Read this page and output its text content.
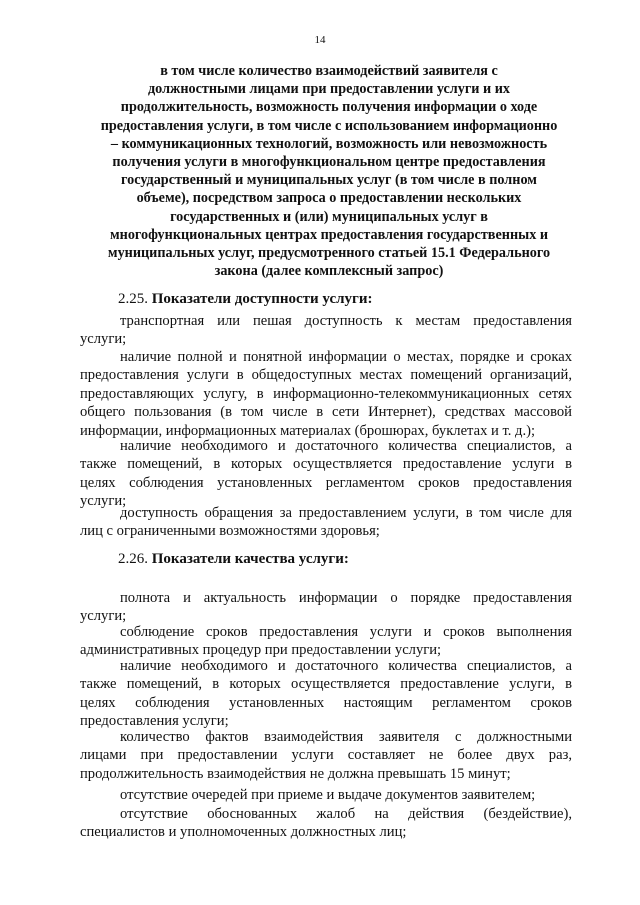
14
в том числе количество взаимодействий заявителя с
должностными лицами при предоставлении услуги и их
продолжительность, возможность получения информации о ходе
предоставления услуги, в том числе с использованием информационно
– коммуникационных технологий, возможность или невозможность
получения услуги в многофункциональном центре предоставления
государственный и муниципальных услуг (в том числе в полном
объеме), посредством запроса о предоставлении нескольких
государственных и (или) муниципальных услуг в
многофункциональных центрах предоставления государственных и
муниципальных услуг, предусмотренного статьей 15.1 Федерального
закона (далее комплексный запрос)
2.25. Показатели доступности услуги:
транспортная или пешая доступность к местам предоставления
услуги;
наличие полной и понятной информации о местах, порядке и сроках
предоставления услуги в общедоступных местах помещений организаций,
предоставляющих услугу, в информационно-телекоммуникационных сетях
общего пользования (в том числе в сети Интернет), средствах массовой
информации, информационных материалах (брошюрах, буклетах и т. д.);
наличие необходимого и достаточного количества специалистов, а
также помещений, в которых осуществляется предоставление услуги в
целях соблюдения установленных регламентом сроков предоставления
услуги;
доступность обращения за предоставлением услуги, в том числе для
лиц с ограниченными возможностями здоровья;
2.26. Показатели качества услуги:
полнота и актуальность информации о порядке предоставления
услуги;
соблюдение сроков предоставления услуги и сроков выполнения
административных процедур при предоставлении услуги;
наличие необходимого и достаточного количества специалистов, а
также помещений, в которых осуществляется предоставление услуги, в
целях соблюдения установленных настоящим регламентом сроков
предоставления услуги;
количество фактов взаимодействия заявителя с должностными
лицами при предоставлении услуги составляет не более двух раз,
продолжительность взаимодействия не должна превышать 15 минут;
отсутствие очередей при приеме и выдаче документов заявителем;
отсутствие обоснованных жалоб на действия (бездействие),
специалистов и уполномоченных должностных лиц;
